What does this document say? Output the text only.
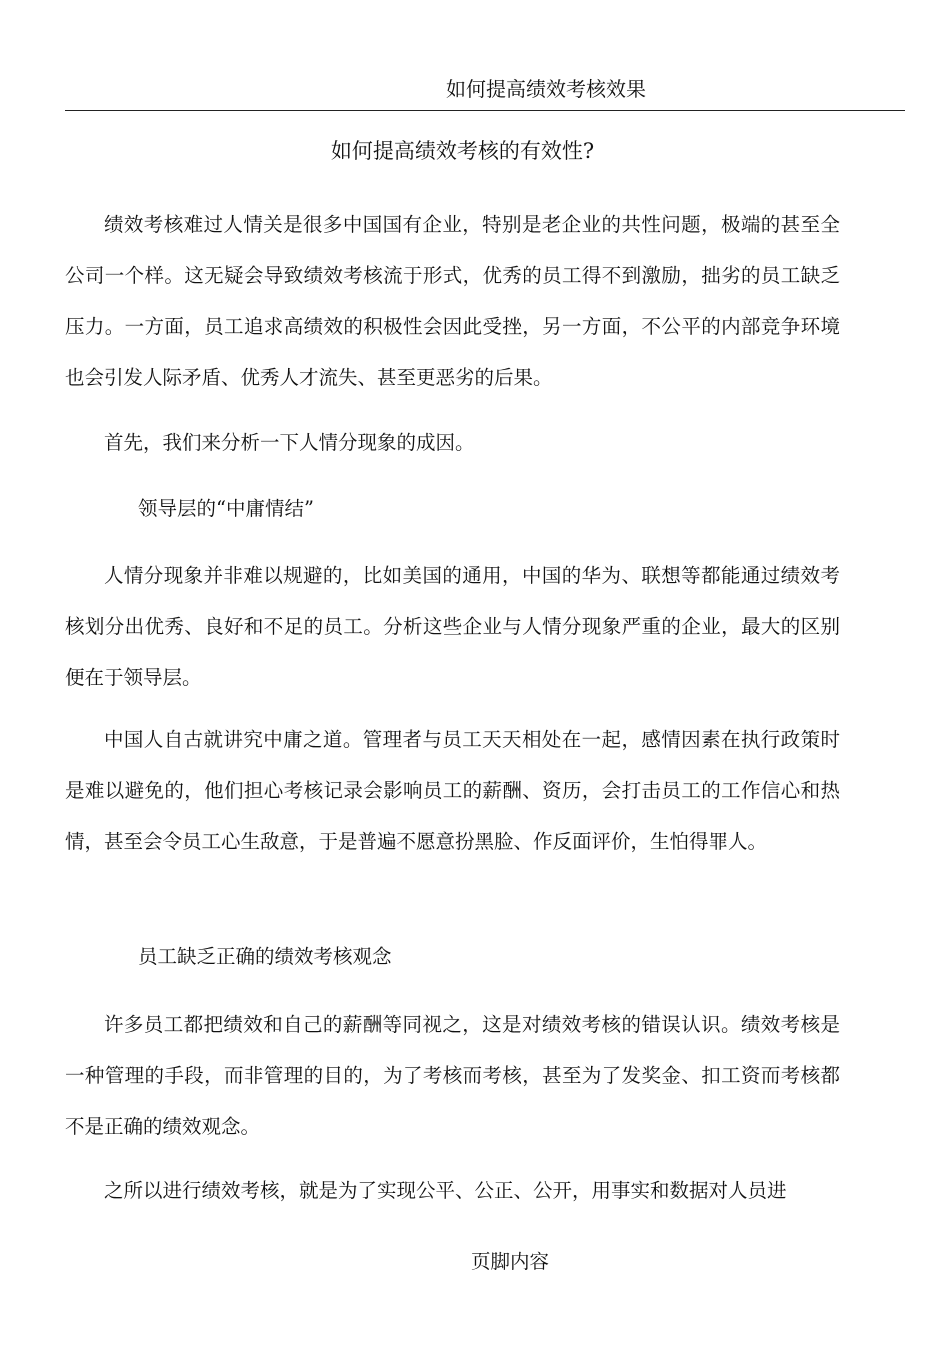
如何提高绩效考核效果
如何提高绩效考核的有效性?

绩效考核难过人情关是很多中国国有企业，特别是老企业的共性问题，极端的甚至全公司一个样。这无疑会导致绩效考核流于形式，优秀的员工得不到激励，拙劣的员工缺乏压力。一方面，员工追求高绩效的积极性会因此受挫，另一方面，不公平的内部竞争环境也会引发人际矛盾、优秀人才流失、甚至更恶劣的后果。

首先，我们来分析一下人情分现象的成因。

领导层的“中庸情结”

人情分现象并非难以规避的，比如美国的通用，中国的华为、联想等都能通过绩效考核划分出优秀、良好和不足的员工。分析这些企业与人情分现象严重的企业，最大的区别便在于领导层。

中国人自古就讲究中庸之道。管理者与员工天天相处在一起，感情因素在执行政策时是难以避免的，他们担心考核记录会影响员工的薪酬、资历，会打击员工的工作信心和热情，甚至会令员工心生敌意，于是普遍不愿意扮黑脸、作反面评价，生怕得罪人。

员工缺乏正确的绩效考核观念

许多员工都把绩效和自己的薪酬等同视之，这是对绩效考核的错误认识。绩效考核是一种管理的手段，而非管理的目的，为了考核而考核，甚至为了发奖金、扣工资而考核都不是正确的绩效观念。

之所以进行绩效考核，就是为了实现公平、公正、公开，用事实和数据对人员进

页脚内容
